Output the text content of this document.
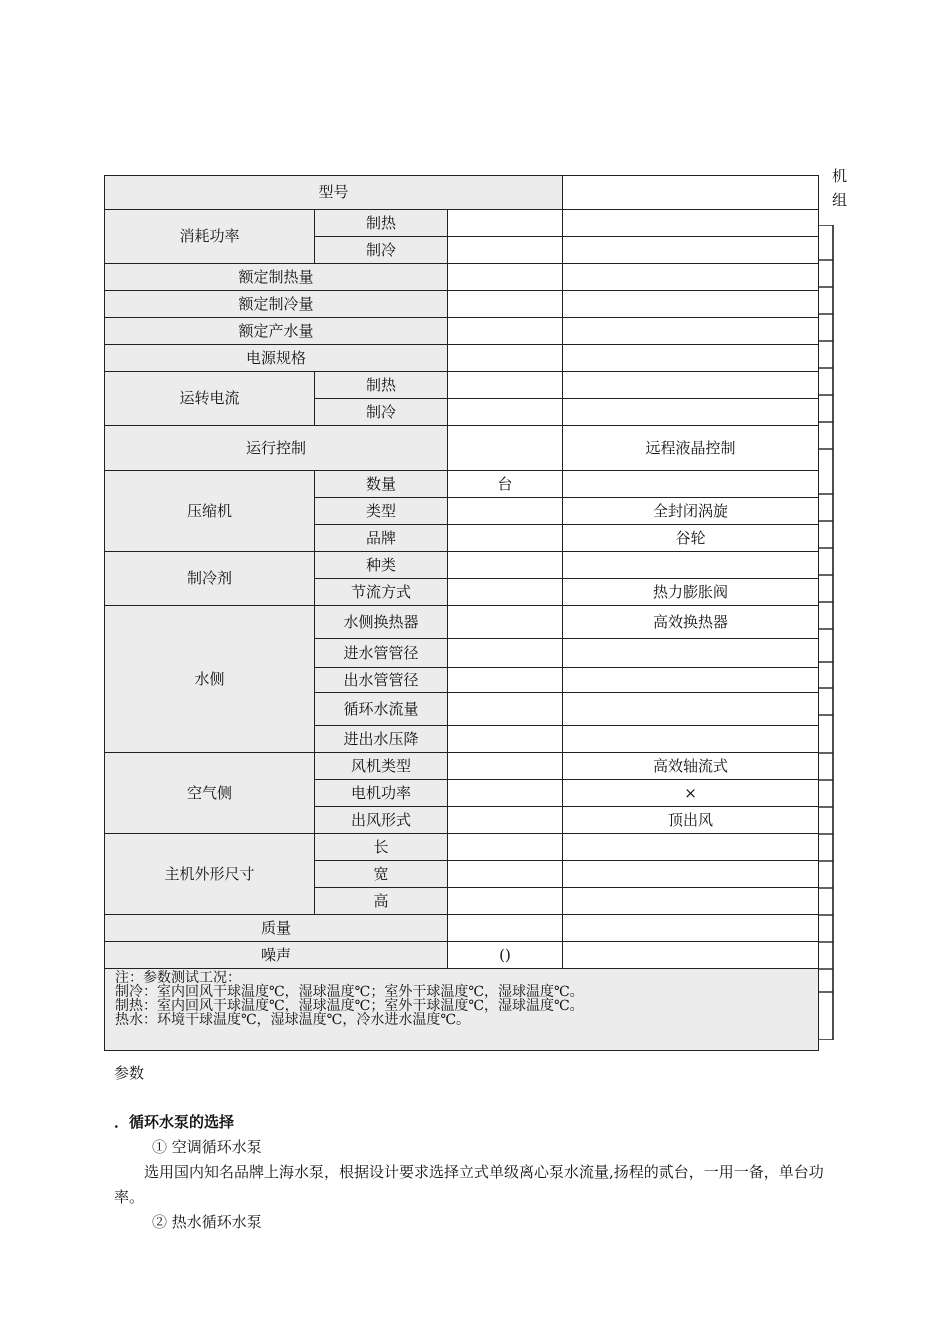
机
组
型号			
消耗功率	制热		
	制冷		
额定制热量			
额定制冷量			
额定产水量			
电源规格			
运转电流	制热		
	制冷		
运行控制			远程液晶控制
压缩机	数量	台	
	类型		全封闭涡旋
	品牌		谷轮
制冷剂	种类		
	节流方式		热力膨胀阀
水侧	水侧换热器		高效换热器
	进水管管径		
	出水管管径		
	循环水流量		
	进出水压降		
空气侧	风机类型		高效轴流式
	电机功率		×
	出风形式		顶出风
主机外形尺寸	长		
	宽		
	高		
质量			
噪声		()	

注：参数测试工况：
制冷：室内回风干球温度℃，湿球温度℃；室外干球温度℃，湿球温度℃。
制热：室内回风干球温度℃，湿球温度℃；室外干球温度℃，湿球温度℃。
热水：环境干球温度℃，湿球温度℃，冷水进水温度℃。			
参数
．循环水泵的选择
① 空调循环水泵
选用国内知名品牌上海水泵，根据设计要求选择立式单级离心泵水流量,扬程的贰台，一用一备，单台功率。
② 热水循环水泵
